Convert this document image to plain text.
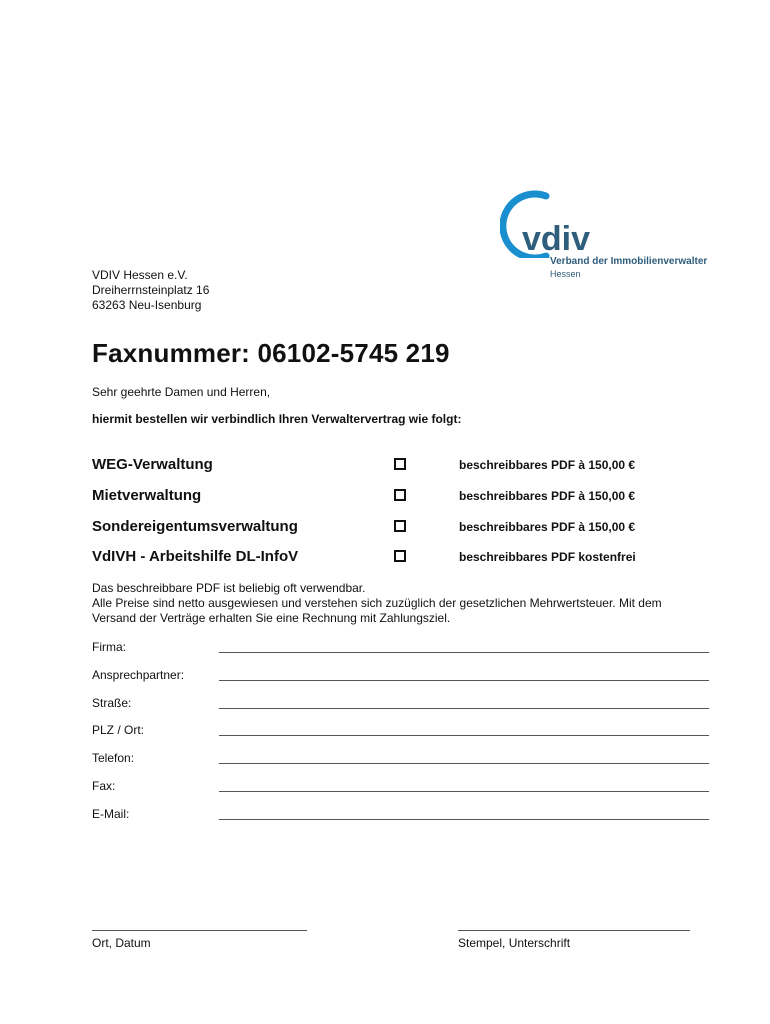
vdiv
Verband der Immobilienverwalter
Hessen
VDIV Hessen e.V.
Dreiherrnsteinplatz 16
63263 Neu-Isenburg
Faxnummer: 06102-5745 219
Sehr geehrte Damen und Herren,
hiermit bestellen wir verbindlich Ihren Verwaltervertrag wie folgt:
WEG-Verwaltung	beschreibbares PDF à 150,00 €
Mietverwaltung	beschreibbares PDF à 150,00 €
Sondereigentumsverwaltung	beschreibbares PDF à 150,00 €
VdIVH - Arbeitshilfe DL-InfoV	beschreibbares PDF kostenfrei
Das beschreibbare PDF ist beliebig oft verwendbar.
Alle Preise sind netto ausgewiesen und verstehen sich zuzüglich der gesetzlichen Mehrwertsteuer. Mit dem
Versand der Verträge erhalten Sie eine Rechnung mit Zahlungsziel.
Firma:
Ansprechpartner:
Straße:
PLZ / Ort:
Telefon:
Fax:
E-Mail:
Ort, Datum	Stempel, Unterschrift
